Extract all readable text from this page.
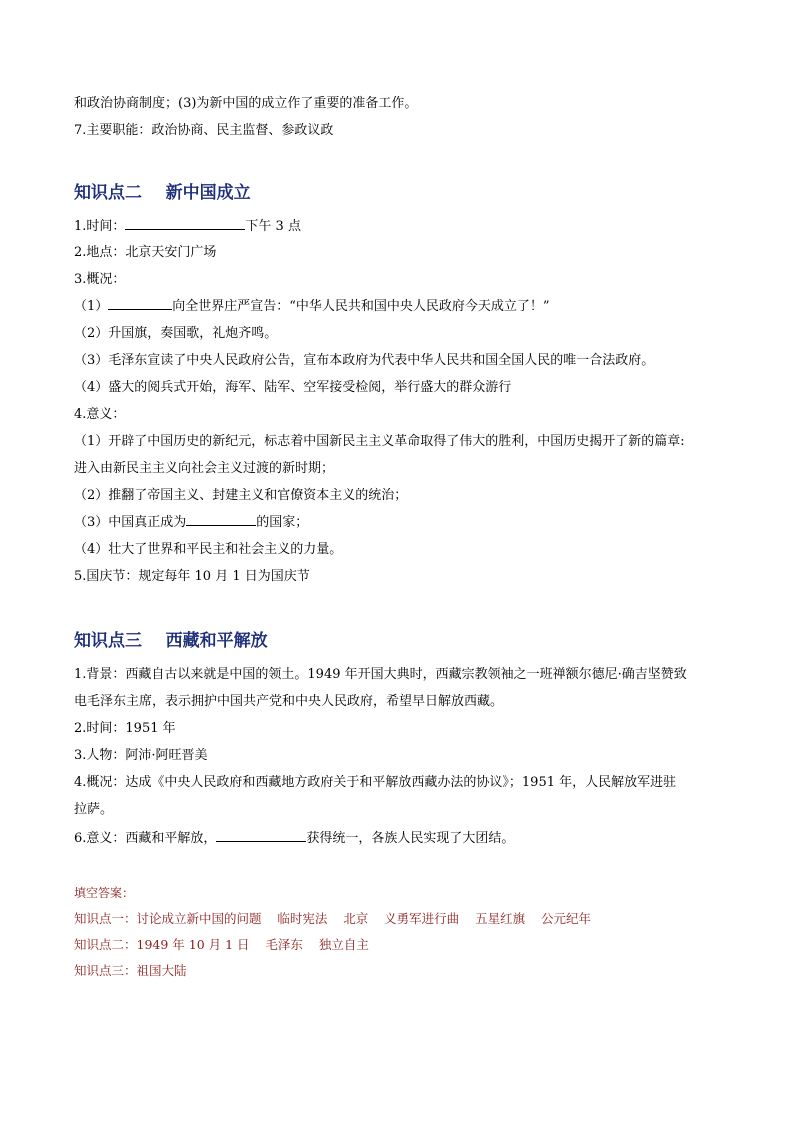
和政治协商制度；(3)为新中国的成立作了重要的准备工作。
7.主要职能：政治协商、民主监督、参政议政
知识点二    新中国成立
1.时间：	下午 3 点
2.地点：北京天安门广场
3.概况：
（1）	向全世界庄严宣告：“中华人民共和国中央人民政府今天成立了！”
（2）升国旗，奏国歌，礼炮齐鸣。
（3）毛泽东宣读了中央人民政府公告，宣布本政府为代表中华人民共和国全国人民的唯一合法政府。
（4）盛大的阅兵式开始，海军、陆军、空军接受检阅，举行盛大的群众游行
4.意义：
（1）开辟了中国历史的新纪元，标志着中国新民主主义革命取得了伟大的胜利，中国历史揭开了新的篇章:
进入由新民主主义向社会主义过渡的新时期；
（2）推翻了帝国主义、封建主义和官僚资本主义的统治；
（3）中国真正成为	的国家；
（4）壮大了世界和平民主和社会主义的力量。
5.国庆节：规定每年 10 月 1 日为国庆节
知识点三    西藏和平解放
1.背景：西藏自古以来就是中国的领土。1949 年开国大典时，西藏宗教领袖之一班禅额尔德尼·确吉坚赞致
电毛泽东主席，表示拥护中国共产党和中央人民政府，希望早日解放西藏。
2.时间：1951 年
3.人物：阿沛·阿旺晋美
4.概况：达成《中央人民政府和西藏地方政府关于和平解放西藏办法的协议》；1951 年，人民解放军进驻
拉萨。
6.意义：西藏和平解放，	获得统一，各族人民实现了大团结。
填空答案：
知识点一：讨论成立新中国的问题    临时宪法    北京    义勇军进行曲    五星红旗    公元纪年
知识点二：1949 年 10 月 1 日    毛泽东    独立自主
知识点三：祖国大陆
